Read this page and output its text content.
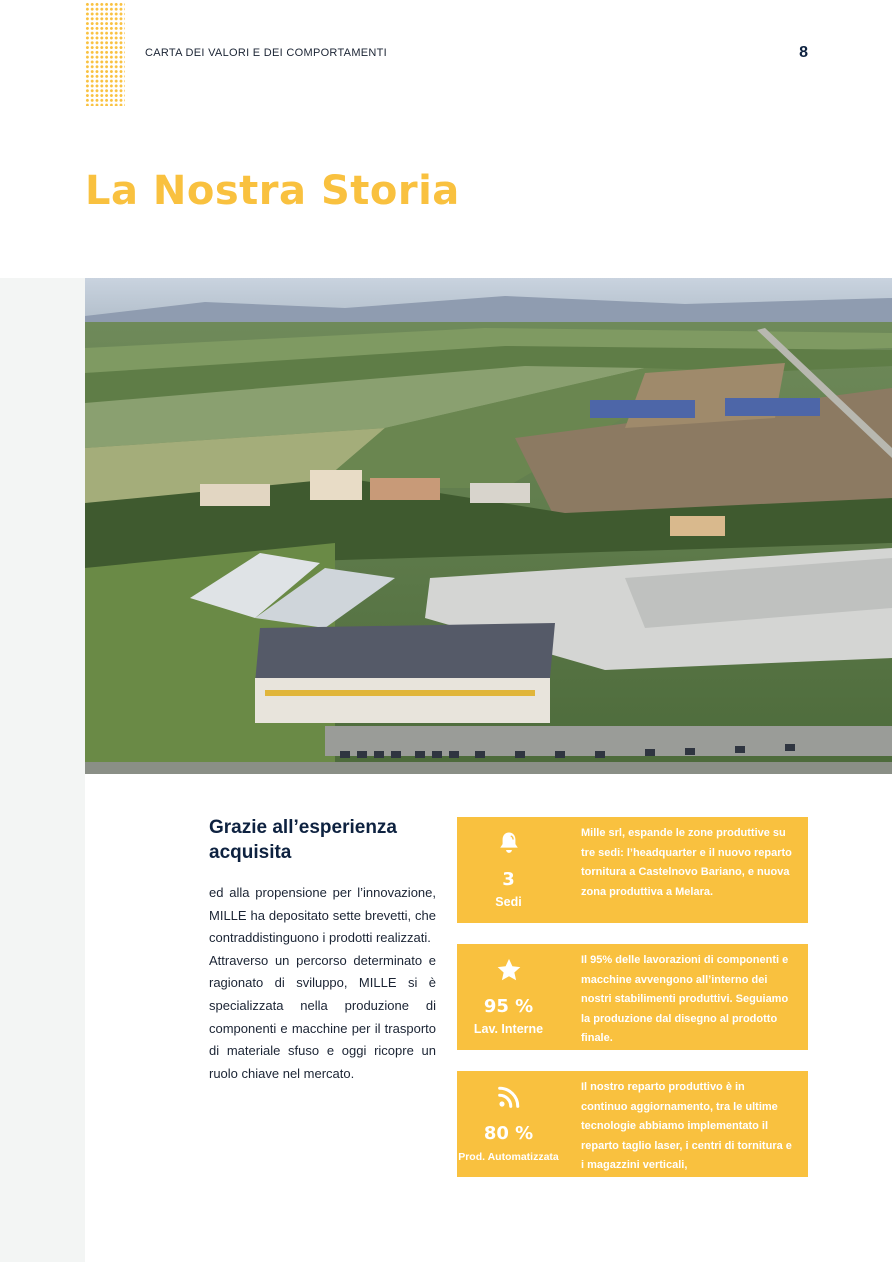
CARTA DEI VALORI E DEI COMPORTAMENTI	8
La Nostra Storia
Grazie all’esperienza acquisita

ed alla propensione per l’innovazione, MILLE ha depositato sette brevetti, che contraddistinguono i prodotti realizzati.

Attraverso un percorso determinato e ragionato di sviluppo, MILLE si è specializzata nella produzione di componenti e macchine per il trasporto di materiale sfuso e oggi ricopre un ruolo chiave nel mercato.

3
Sedi
Mille srl, espande le zone produttive su tre sedi: l’headquarter e il nuovo reparto tornitura a Castelnovo Bariano, e nuova zona produttiva a Melara.
95 %
Lav. Interne
Il 95% delle lavorazioni di componenti e macchine avvengono all’interno dei nostri stabilimenti produttivi. Seguiamo la produzione dal disegno al prodotto finale.
80 %
Prod. Automatizzata
Il nostro reparto produttivo è in continuo aggiornamento, tra le ultime tecnologie abbiamo implementato il reparto taglio laser, i centri di tornitura e i magazzini verticali,
